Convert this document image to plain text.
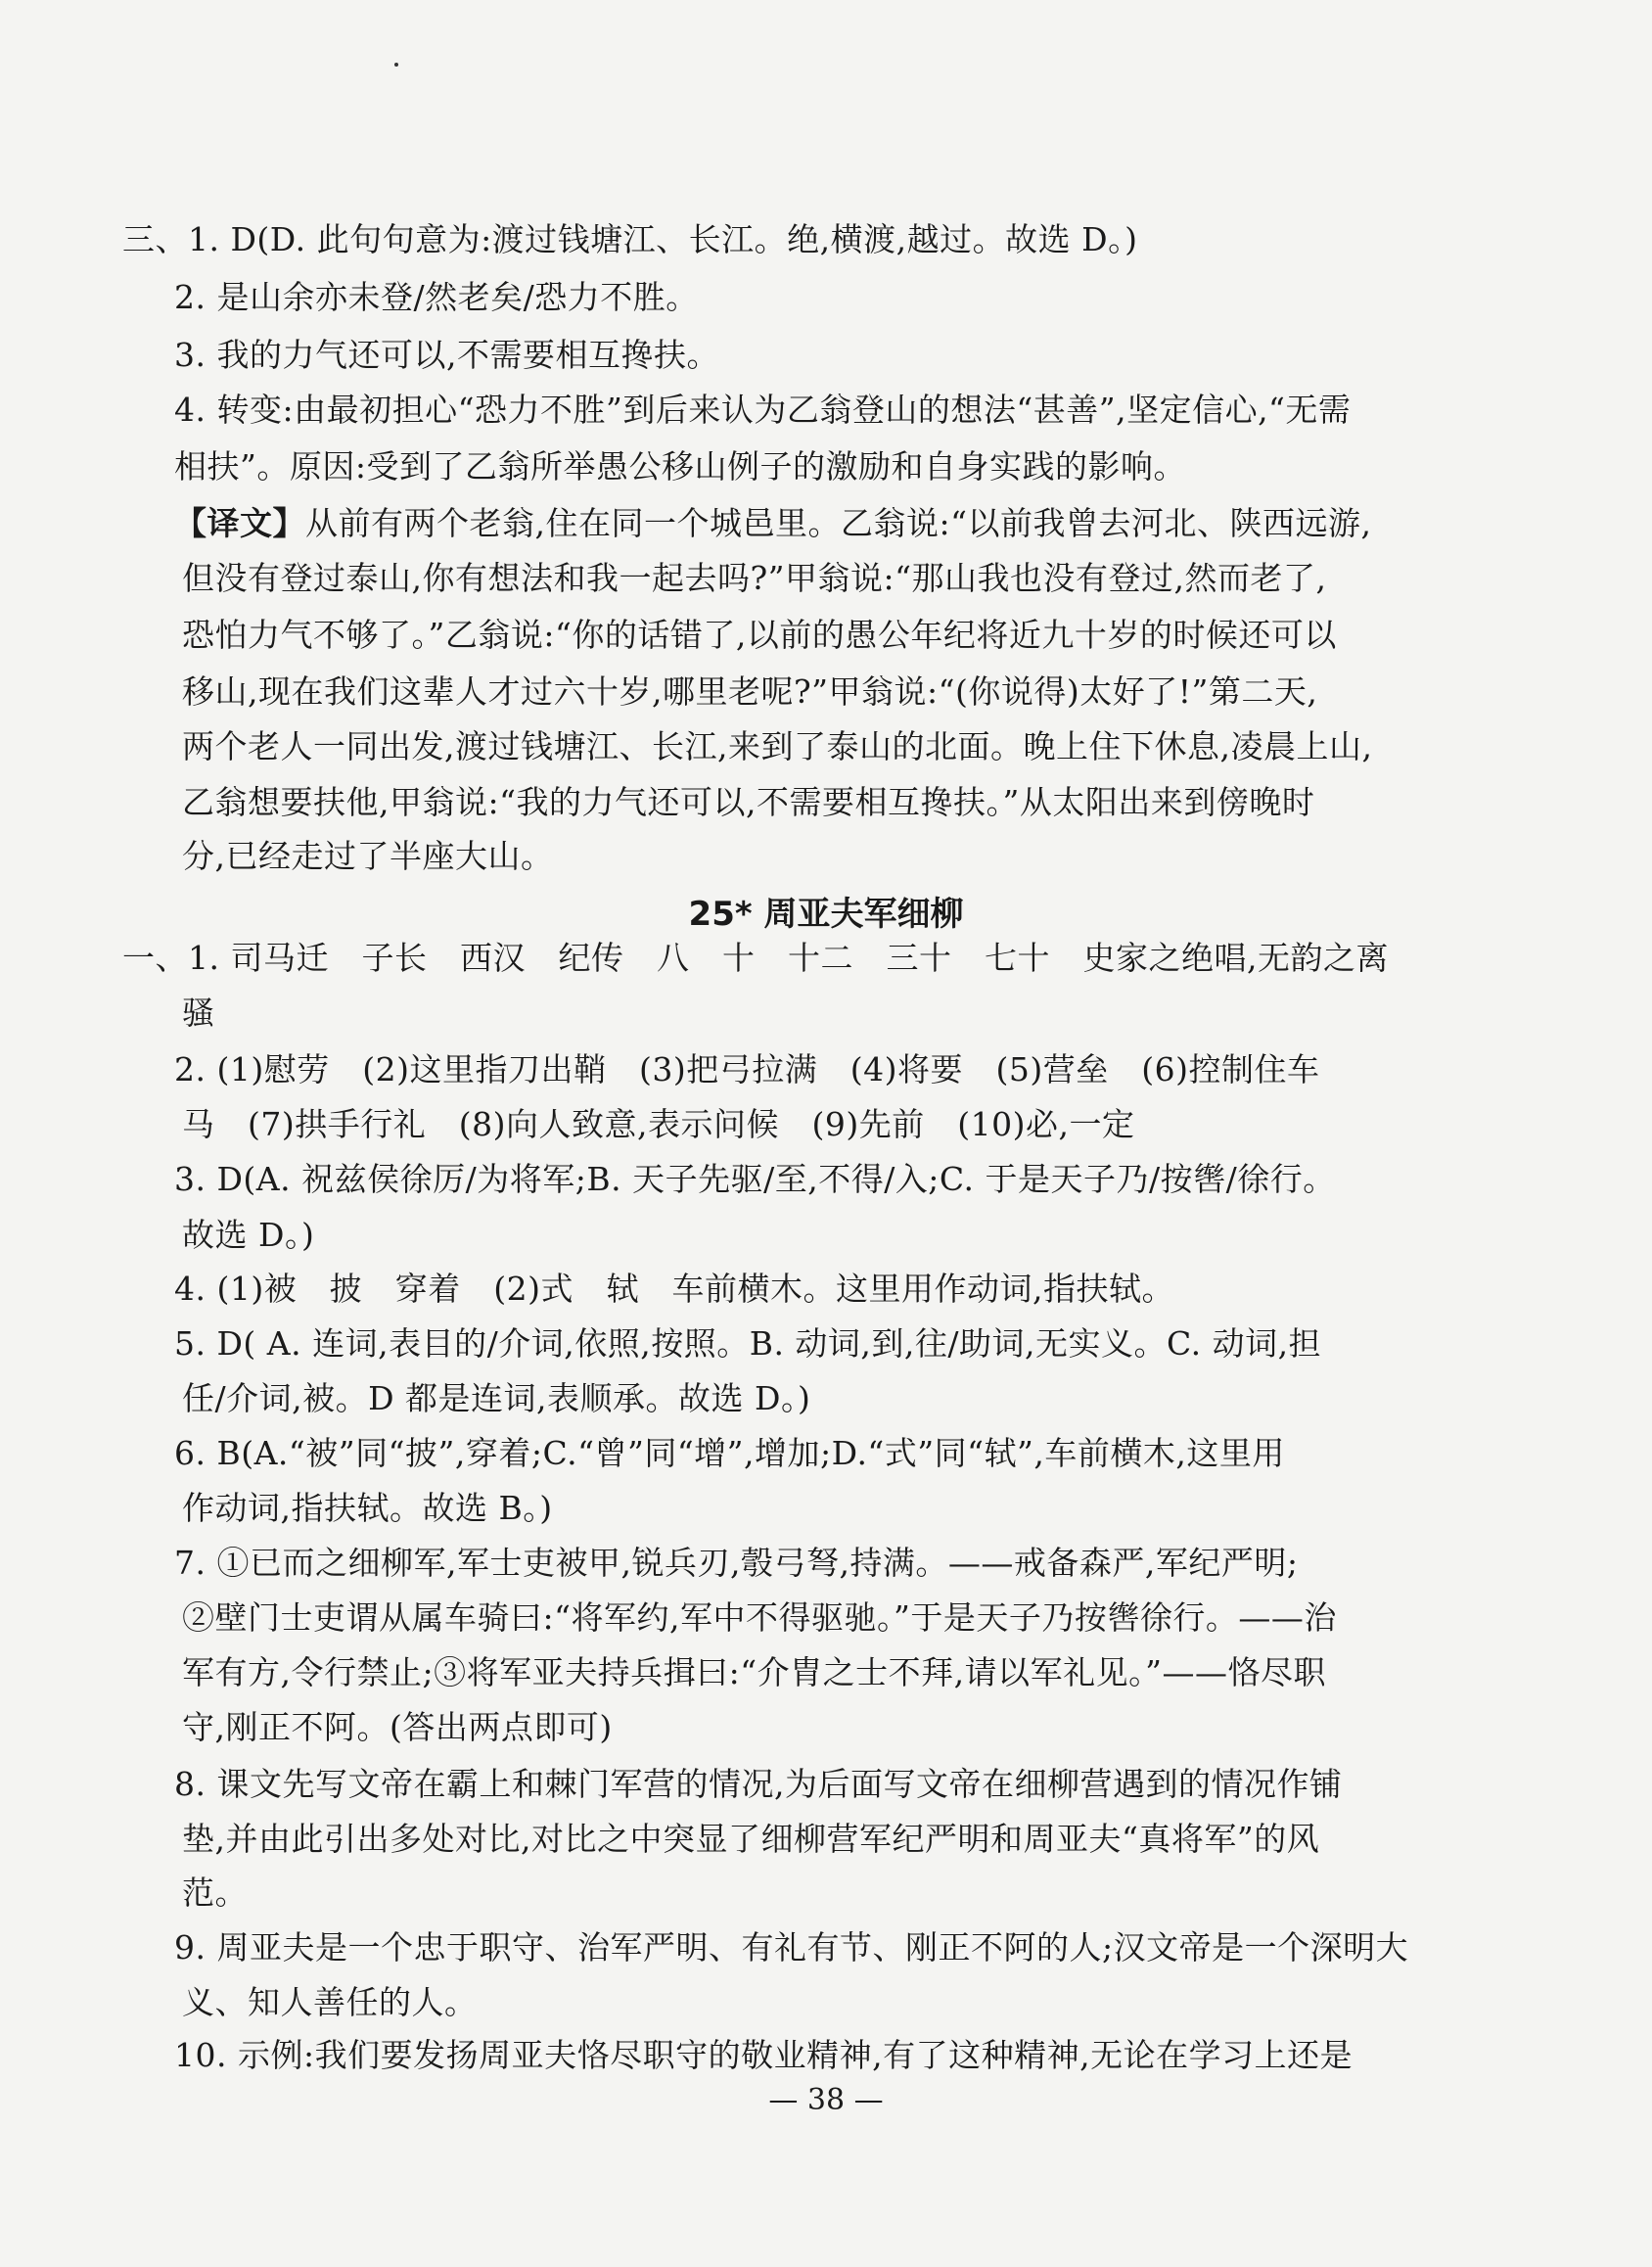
三、1. D(D. 此句句意为:渡过钱塘江、长江。绝,横渡,越过。故选 D。)
2. 是山余亦未登/然老矣/恐力不胜。
3. 我的力气还可以,不需要相互搀扶。
4. 转变:由最初担心“恐力不胜”到后来认为乙翁登山的想法“甚善”,坚定信心,“无需
相扶”。原因:受到了乙翁所举愚公移山例子的激励和自身实践的影响。
【译文】从前有两个老翁,住在同一个城邑里。乙翁说:“以前我曾去河北、陕西远游,
但没有登过泰山,你有想法和我一起去吗?”甲翁说:“那山我也没有登过,然而老了,
恐怕力气不够了。”乙翁说:“你的话错了,以前的愚公年纪将近九十岁的时候还可以
移山,现在我们这辈人才过六十岁,哪里老呢?”甲翁说:“(你说得)太好了!”第二天,
两个老人一同出发,渡过钱塘江、长江,来到了泰山的北面。晚上住下休息,凌晨上山,
乙翁想要扶他,甲翁说:“我的力气还可以,不需要相互搀扶。”从太阳出来到傍晚时
分,已经走过了半座大山。
25* 周亚夫军细柳
一、1. 司马迁　子长　西汉　纪传　八　十　十二　三十　七十　史家之绝唱,无韵之离
骚
2. (1)慰劳　(2)这里指刀出鞘　(3)把弓拉满　(4)将要　(5)营垒　(6)控制住车
马　(7)拱手行礼　(8)向人致意,表示问候　(9)先前　(10)必,一定
3. D(A. 祝兹侯徐厉/为将军;B. 天子先驱/至,不得/入;C. 于是天子乃/按辔/徐行。
故选 D。)
4. (1)被　披　穿着　(2)式　轼　车前横木。这里用作动词,指扶轼。
5. D( A. 连词,表目的/介词,依照,按照。B. 动词,到,往/助词,无实义。C. 动词,担
任/介词,被。D 都是连词,表顺承。故选 D。)
6. B(A.“被”同“披”,穿着;C.“曾”同“增”,增加;D.“式”同“轼”,车前横木,这里用
作动词,指扶轼。故选 B。)
7. ①已而之细柳军,军士吏被甲,锐兵刃,彀弓弩,持满。——戒备森严,军纪严明;
②壁门士吏谓从属车骑曰:“将军约,军中不得驱驰。”于是天子乃按辔徐行。——治
军有方,令行禁止;③将军亚夫持兵揖曰:“介胄之士不拜,请以军礼见。”——恪尽职
守,刚正不阿。(答出两点即可)
8. 课文先写文帝在霸上和棘门军营的情况,为后面写文帝在细柳营遇到的情况作铺
垫,并由此引出多处对比,对比之中突显了细柳营军纪严明和周亚夫“真将军”的风
范。
9. 周亚夫是一个忠于职守、治军严明、有礼有节、刚正不阿的人;汉文帝是一个深明大
义、知人善任的人。
10. 示例:我们要发扬周亚夫恪尽职守的敬业精神,有了这种精神,无论在学习上还是
— 38 —
